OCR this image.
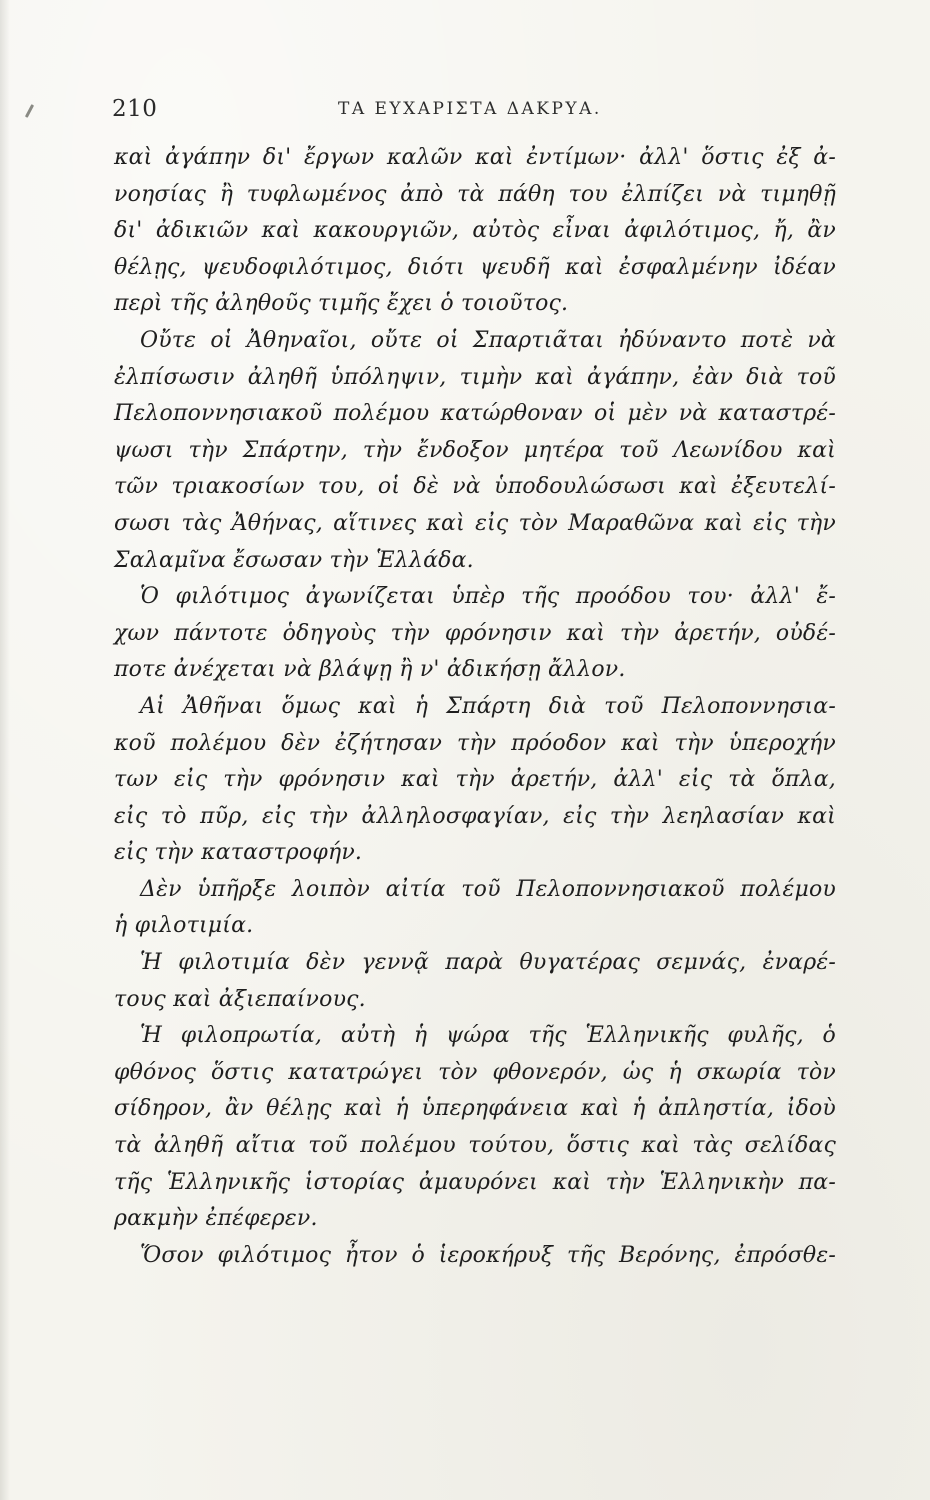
210	ΤΑ ΕΥΧΑΡΙΣΤΑ ΔΑΚΡΥΑ.
καὶ ἀγάπην δι' ἔργων καλῶν καὶ ἐντίμων· ἀλλ' ὅστις ἐξ ἀ-
νοησίας ἢ τυφλωμένος ἀπὸ τὰ πάθη του ἐλπίζει νὰ τιμηθῇ
δι' ἀδικιῶν καὶ κακουργιῶν, αὐτὸς εἶναι ἀφιλότιμος, ἤ, ἂν
θέλῃς, ψευδοφιλότιμος, διότι ψευδῆ καὶ ἐσφαλμένην ἰδέαν
περὶ τῆς ἀληθοῦς τιμῆς ἔχει ὁ τοιοῦτος.
Οὔτε οἱ Ἀθηναῖοι, οὔτε οἱ Σπαρτιᾶται ἠδύναντο ποτὲ νὰ
ἐλπίσωσιν ἀληθῆ ὑπόληψιν, τιμὴν καὶ ἀγάπην, ἐὰν διὰ τοῦ
Πελοποννησιακοῦ πολέμου κατώρθοναν οἱ μὲν νὰ καταστρέ-
ψωσι τὴν Σπάρτην, τὴν ἔνδοξον μητέρα τοῦ Λεωνίδου καὶ
τῶν τριακοσίων του, οἱ δὲ νὰ ὑποδουλώσωσι καὶ ἐξευτελί-
σωσι τὰς Ἀθήνας, αἵτινες καὶ εἰς τὸν Μαραθῶνα καὶ εἰς τὴν
Σαλαμῖνα ἔσωσαν τὴν Ἑλλάδα.
Ὁ φιλότιμος ἀγωνίζεται ὑπὲρ τῆς προόδου του· ἀλλ' ἔ-
χων πάντοτε ὁδηγοὺς τὴν φρόνησιν καὶ τὴν ἀρετήν, οὐδέ-
ποτε ἀνέχεται νὰ βλάψῃ ἢ ν' ἀδικήσῃ ἄλλον.
Αἱ Ἀθῆναι ὅμως καὶ ἡ Σπάρτη διὰ τοῦ Πελοποννησια-
κοῦ πολέμου δὲν ἐζήτησαν τὴν πρόοδον καὶ τὴν ὑπεροχήν
των εἰς τὴν φρόνησιν καὶ τὴν ἀρετήν, ἀλλ' εἰς τὰ ὅπλα,
εἰς τὸ πῦρ, εἰς τὴν ἀλληλοσφαγίαν, εἰς τὴν λεηλασίαν καὶ
εἰς τὴν καταστροφήν.
Δὲν ὑπῆρξε λοιπὸν αἰτία τοῦ Πελοποννησιακοῦ πολέμου
ἡ φιλοτιμία.
Ἡ φιλοτιμία δὲν γεννᾷ παρὰ θυγατέρας σεμνάς, ἐναρέ-
τους καὶ ἀξιεπαίνους.
Ἡ φιλοπρωτία, αὐτὴ ἡ ψώρα τῆς Ἑλληνικῆς φυλῆς, ὁ
φθόνος ὅστις κατατρώγει τὸν φθονερόν, ὡς ἡ σκωρία τὸν
σίδηρον, ἂν θέλῃς καὶ ἡ ὑπερηφάνεια καὶ ἡ ἀπληστία, ἰδοὺ
τὰ ἀληθῆ αἴτια τοῦ πολέμου τούτου, ὅστις καὶ τὰς σελίδας
τῆς Ἑλληνικῆς ἱστορίας ἀμαυρόνει καὶ τὴν Ἑλληνικὴν πα-
ρακμὴν ἐπέφερεν.
Ὅσον φιλότιμος ἦτον ὁ ἱεροκήρυξ τῆς Βερόνης, ἐπρόσθε-
